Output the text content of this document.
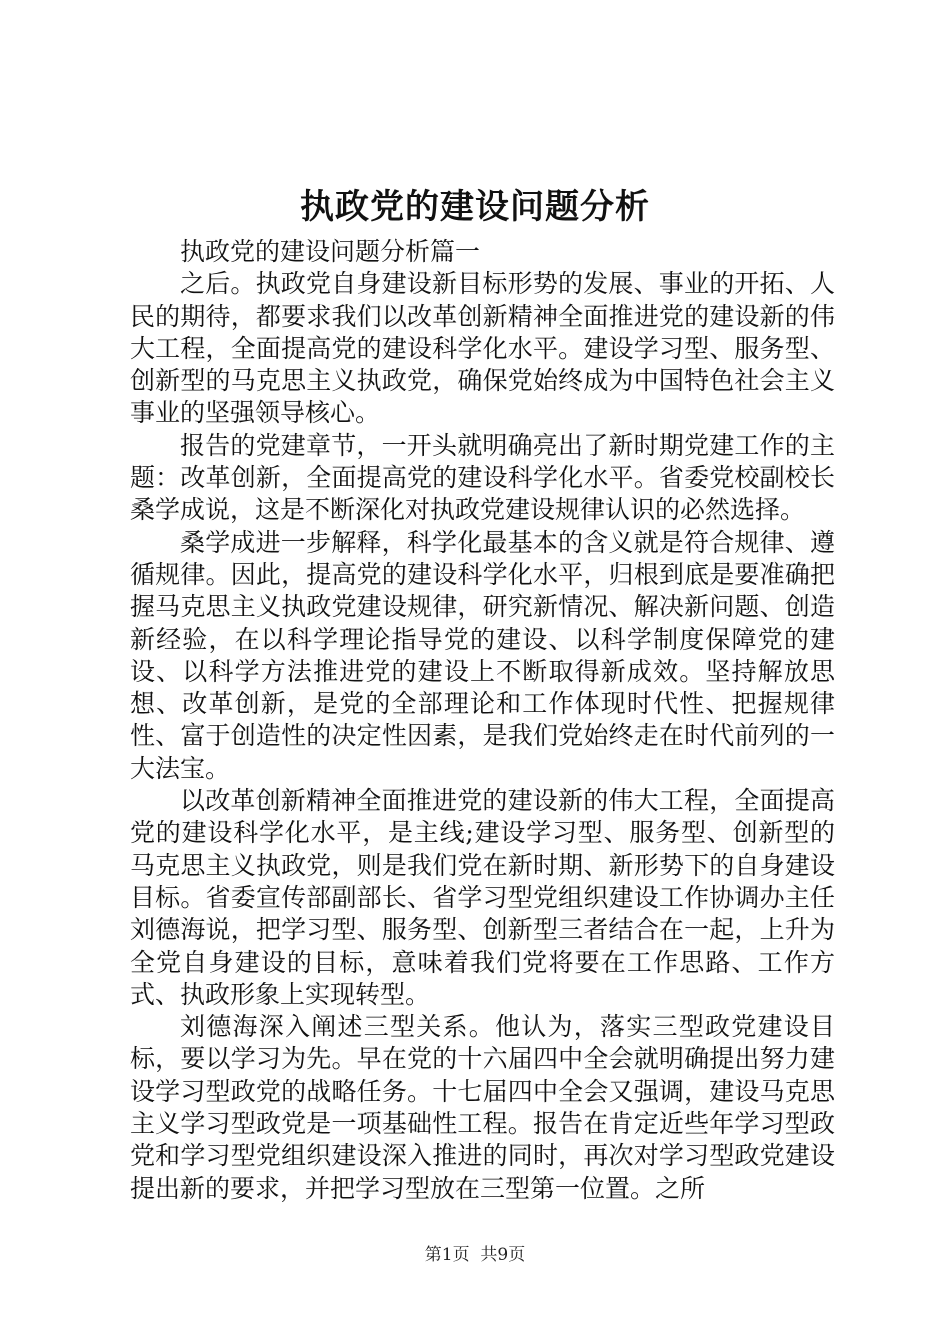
执政党的建设问题分析

执政党的建设问题分析篇一

之后。执政党自身建设新目标形势的发展、事业的开拓、人民的期待，都要求我们以改革创新精神全面推进党的建设新的伟大工程，全面提高党的建设科学化水平。建设学习型、服务型、创新型的马克思主义执政党，确保党始终成为中国特色社会主义事业的坚强领导核心。

报告的党建章节，一开头就明确亮出了新时期党建工作的主题：改革创新，全面提高党的建设科学化水平。省委党校副校长桑学成说，这是不断深化对执政党建设规律认识的必然选择。

桑学成进一步解释，科学化最基本的含义就是符合规律、遵循规律。因此，提高党的建设科学化水平，归根到底是要准确把握马克思主义执政党建设规律，研究新情况、解决新问题、创造新经验，在以科学理论指导党的建设、以科学制度保障党的建设、以科学方法推进党的建设上不断取得新成效。坚持解放思想、改革创新，是党的全部理论和工作体现时代性、把握规律性、富于创造性的决定性因素，是我们党始终走在时代前列的一大法宝。

以改革创新精神全面推进党的建设新的伟大工程，全面提高党的建设科学化水平，是主线;建设学习型、服务型、创新型的马克思主义执政党，则是我们党在新时期、新形势下的自身建设目标。省委宣传部副部长、省学习型党组织建设工作协调办主任刘德海说，把学习型、服务型、创新型三者结合在一起，上升为全党自身建设的目标，意味着我们党将要在工作思路、工作方式、执政形象上实现转型。

刘德海深入阐述三型关系。他认为，落实三型政党建设目标，要以学习为先。早在党的十六届四中全会就明确提出努力建设学习型政党的战略任务。十七届四中全会又强调，建设马克思主义学习型政党是一项基础性工程。报告在肯定近些年学习型政党和学习型党组织建设深入推进的同时，再次对学习型政党建设提出新的要求，并把学习型放在三型第一位置。之所

第1页 共9页
